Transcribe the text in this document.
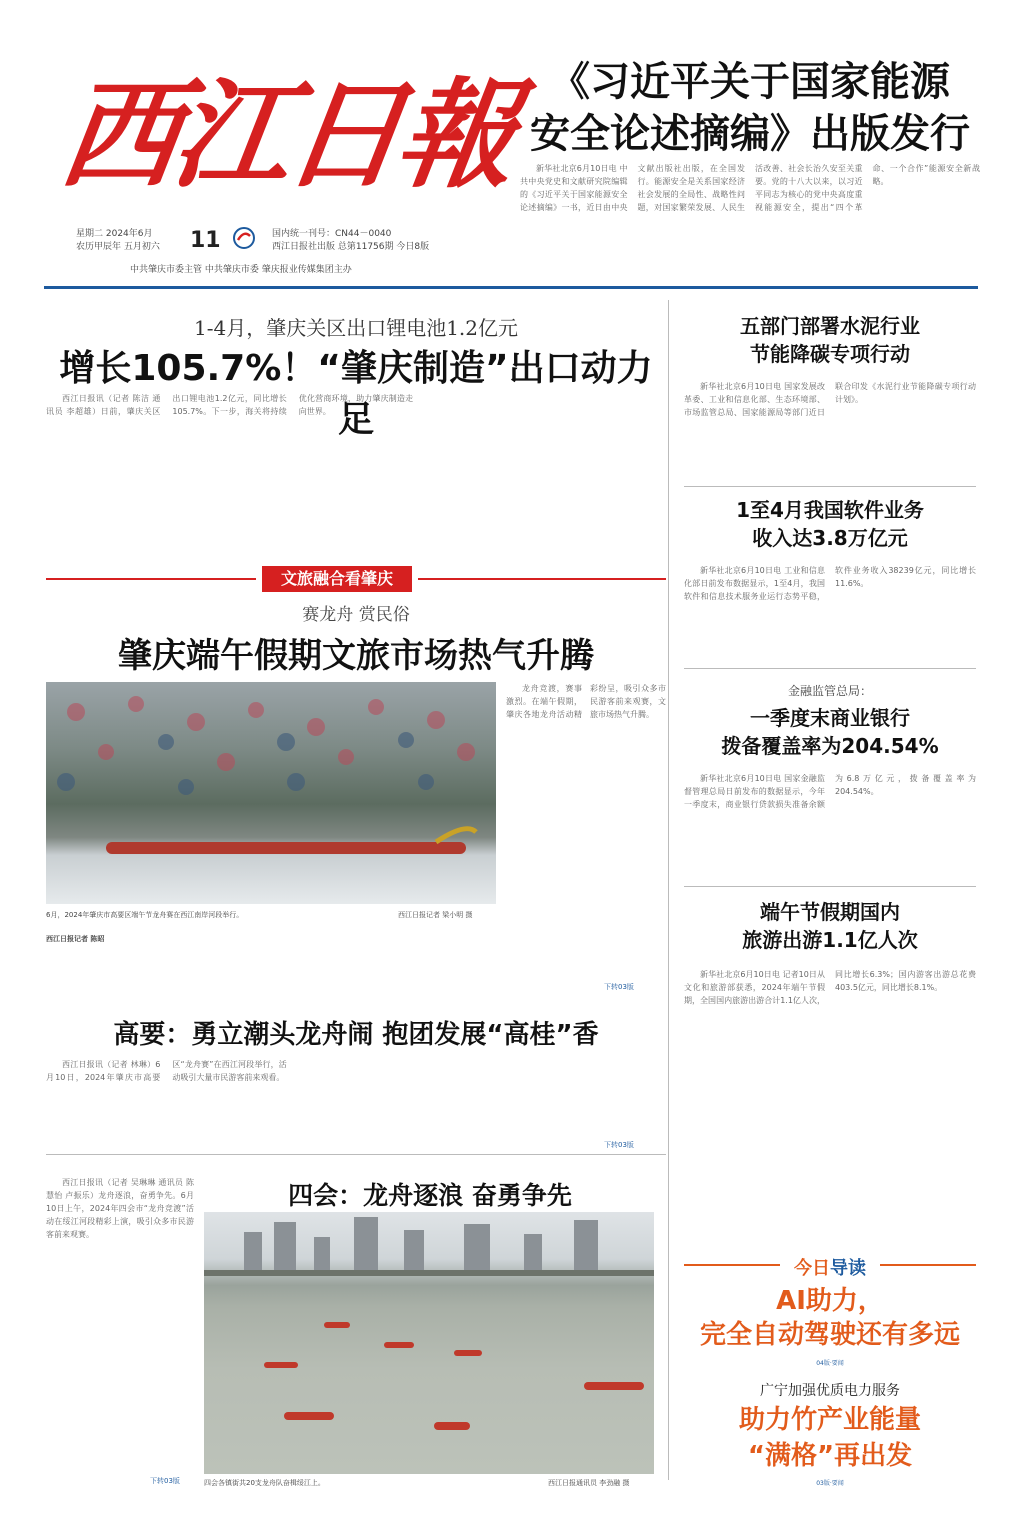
西江日報 《习近平关于国家能源
安全论述摘编》出版发行

新华社北京6月10日电 中共中央党史和文献研究院编辑的《习近平关于国家能源安全论述摘编》一书，近日由中央文献出版社出版，在全国发行。能源安全是关系国家经济社会发展的全局性、战略性问题，对国家繁荣发展、人民生活改善、社会长治久安至关重要。党的十八大以来，以习近平同志为核心的党中央高度重视能源安全，提出“四个革命、一个合作”能源安全新战略。

星期二 2024年6月
农历甲辰年 五月初六 11	国内统一刊号：CN44－0040
西江日报社出版 总第11756期 今日8版
中共肇庆市委主管 中共肇庆市委 肇庆报业传媒集团主办
1-4月，肇庆关区出口锂电池1.2亿元
增长105.7%！“肇庆制造”出口动力足

西江日报讯（记者 陈洁 通讯员 李超雄）日前，肇庆关区出口锂电池1.2亿元，同比增长105.7%。下一步，海关将持续优化营商环境，助力肇庆制造走向世界。

文旅融合看肇庆
赛龙舟 赏民俗
肇庆端午假期文旅市场热气升腾
6月，2024年肇庆市高要区端午节龙舟赛在西江南岸河段举行。	西江日报记者 梁小明 摄

龙舟竞渡，赛事激烈。在端午假期，肇庆各地龙舟活动精彩纷呈，吸引众多市民游客前来观赛，文旅市场热气升腾。

西江日报记者 陈昭
下转03版
高要：勇立潮头龙舟闹 抱团发展“高桂”香

西江日报讯（记者 林琳）6月10日，2024年肇庆市高要区“龙舟赛”在西江河段举行，活动吸引大量市民游客前来观看。

下转03版

西江日报讯（记者 吴琳琳 通讯员 陈慧怡 卢振乐）龙舟逐浪，奋勇争先。6月10日上午，2024年四会市“龙舟竞渡”活动在绥江河段精彩上演，吸引众多市民游客前来观赛。

下转03版
四会：龙舟逐浪 奋勇争先
四会各镇街共20支龙舟队奋楫绥江上。	西江日报通讯员 李劲融 摄
五部门部署水泥行业
节能降碳专项行动

新华社北京6月10日电 国家发展改革委、工业和信息化部、生态环境部、市场监管总局、国家能源局等部门近日联合印发《水泥行业节能降碳专项行动计划》。

1至4月我国软件业务
收入达3.8万亿元

新华社北京6月10日电 工业和信息化部日前发布数据显示，1至4月，我国软件和信息技术服务业运行态势平稳，软件业务收入38239亿元，同比增长11.6%。

金融监管总局：
一季度末商业银行
拨备覆盖率为204.54%

新华社北京6月10日电 国家金融监督管理总局日前发布的数据显示，今年一季度末，商业银行贷款损失准备余额为6.8万亿元，拨备覆盖率为204.54%。

端午节假期国内
旅游出游1.1亿人次

新华社北京6月10日电 记者10日从文化和旅游部获悉，2024年端午节假期，全国国内旅游出游合计1.1亿人次，同比增长6.3%；国内游客出游总花费403.5亿元，同比增长8.1%。

今日导读
AI助力，
完全自动驾驶还有多远
04版·要闻
广宁加强优质电力服务
助力竹产业能量
“满格”再出发
03版·要闻
